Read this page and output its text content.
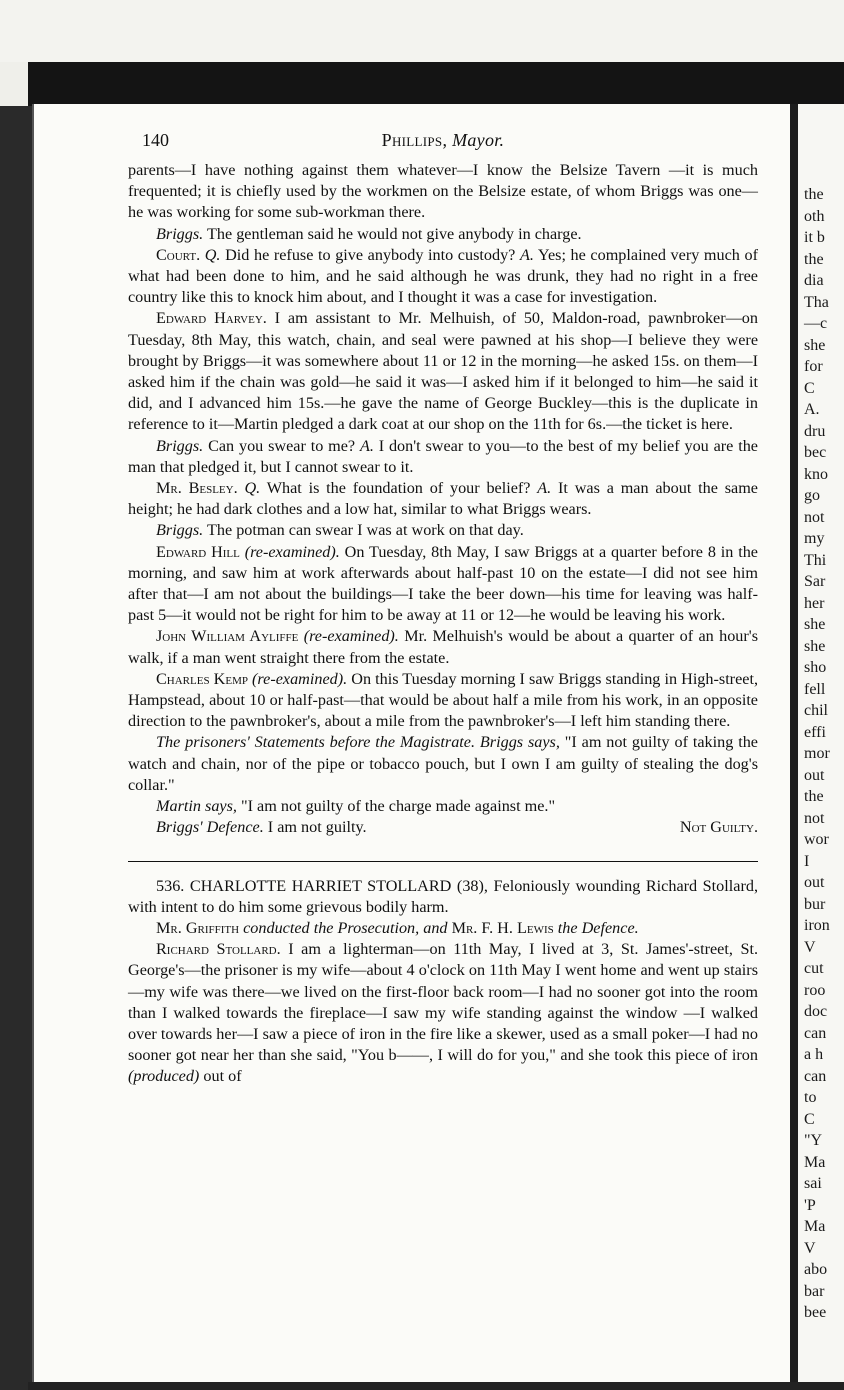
the
oth
it b
the
dia
Tha
—c
she
for
C
A.
dru
bec
kno
go
not
my
Thi
Sar
her
she
she
sho
fell
chil
effi
mor
out
the
not
wor
I
out
bur
iron
V
cut
roo
doc
can
a h
can
to
C
"Y
Ma
sai
'P
Ma
V
abo
bar
bee
140	Phillips, Mayor.

parents—I have nothing against them whatever—I know the Belsize Tavern —it is much frequented; it is chiefly used by the workmen on the Belsize estate, of whom Briggs was one—he was working for some sub-workman there.

Briggs. The gentleman said he would not give anybody in charge.

Court. Q. Did he refuse to give anybody into custody? A. Yes; he complained very much of what had been done to him, and he said although he was drunk, they had no right in a free country like this to knock him about, and I thought it was a case for investigation.

Edward Harvey. I am assistant to Mr. Melhuish, of 50, Maldon-road, pawnbroker—on Tuesday, 8th May, this watch, chain, and seal were pawned at his shop—I believe they were brought by Briggs—it was somewhere about 11 or 12 in the morning—he asked 15s. on them—I asked him if the chain was gold—he said it was—I asked him if it belonged to him—he said it did, and I advanced him 15s.—he gave the name of George Buckley—this is the duplicate in reference to it—Martin pledged a dark coat at our shop on the 11th for 6s.—the ticket is here.

Briggs. Can you swear to me? A. I don't swear to you—to the best of my belief you are the man that pledged it, but I cannot swear to it.

Mr. Besley. Q. What is the foundation of your belief? A. It was a man about the same height; he had dark clothes and a low hat, similar to what Briggs wears.

Briggs. The potman can swear I was at work on that day.

Edward Hill (re-examined). On Tuesday, 8th May, I saw Briggs at a quarter before 8 in the morning, and saw him at work afterwards about half-past 10 on the estate—I did not see him after that—I am not about the buildings—I take the beer down—his time for leaving was half-past 5—it would not be right for him to be away at 11 or 12—he would be leaving his work.

John William Ayliffe (re-examined). Mr. Melhuish's would be about a quarter of an hour's walk, if a man went straight there from the estate.

Charles Kemp (re-examined). On this Tuesday morning I saw Briggs standing in High-street, Hampstead, about 10 or half-past—that would be about half a mile from his work, in an opposite direction to the pawnbroker's, about a mile from the pawnbroker's—I left him standing there.

The prisoners' Statements before the Magistrate. Briggs says, "I am not guilty of taking the watch and chain, nor of the pipe or tobacco pouch, but I own I am guilty of stealing the dog's collar."

Martin says, "I am not guilty of the charge made against me."

Briggs' Defence. I am not guilty.	Not Guilty.

536. CHARLOTTE HARRIET STOLLARD (38), Feloniously wounding Richard Stollard, with intent to do him some grievous bodily harm.

Mr. Griffith conducted the Prosecution, and Mr. F. H. Lewis the Defence.

Richard Stollard. I am a lighterman—on 11th May, I lived at 3, St. James'-street, St. George's—the prisoner is my wife—about 4 o'clock on 11th May I went home and went up stairs—my wife was there—we lived on the first-floor back room—I had no sooner got into the room than I walked towards the fireplace—I saw my wife standing against the window —I walked over towards her—I saw a piece of iron in the fire like a skewer, used as a small poker—I had no sooner got near her than she said, "You b——, I will do for you," and she took this piece of iron (produced) out of
